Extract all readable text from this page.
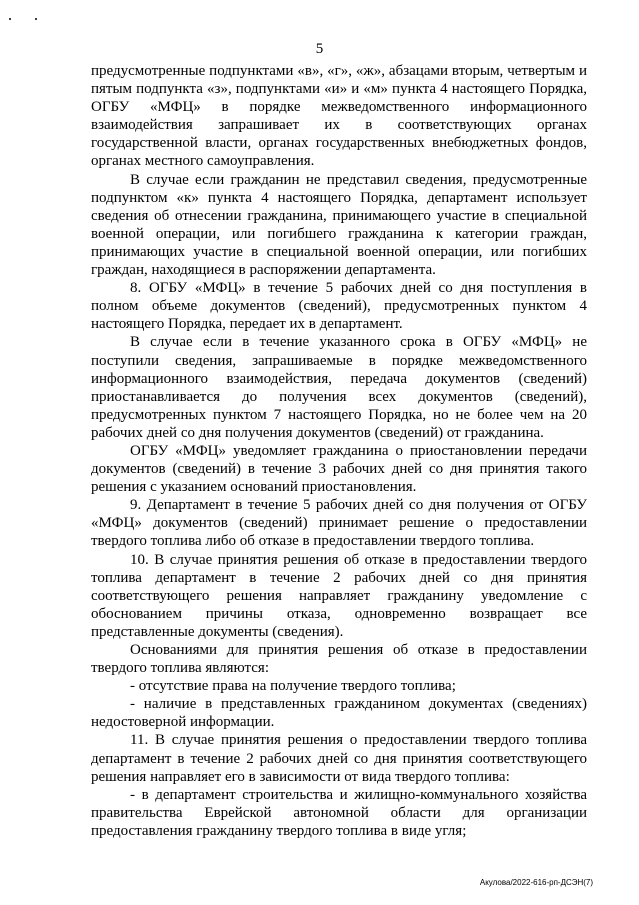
5

предусмотренные подпунктами «в», «г», «ж», абзацами вторым, четвертым и пятым подпункта «з», подпунктами «и» и «м» пункта 4 настоящего Порядка, ОГБУ «МФЦ» в порядке межведомственного информационного взаимодействия запрашивает их в соответствующих органах государственной власти, органах государственных внебюджетных фондов, органах местного самоуправления.

В случае если гражданин не представил сведения, предусмотренные подпунктом «к» пункта 4 настоящего Порядка, департамент использует сведения об отнесении гражданина, принимающего участие в специальной военной операции, или погибшего гражданина к категории граждан, принимающих участие в специальной военной операции, или погибших граждан, находящиеся в распоряжении департамента.

8. ОГБУ «МФЦ» в течение 5 рабочих дней со дня поступления в полном объеме документов (сведений), предусмотренных пунктом 4 настоящего Порядка, передает их в департамент.

В случае если в течение указанного срока в ОГБУ «МФЦ» не поступили сведения, запрашиваемые в порядке межведомственного информационного взаимодействия, передача документов (сведений) приостанавливается до получения всех документов (сведений), предусмотренных пунктом 7 настоящего Порядка, но не более чем на 20 рабочих дней со дня получения документов (сведений) от гражданина.

ОГБУ «МФЦ» уведомляет гражданина о приостановлении передачи документов (сведений) в течение 3 рабочих дней со дня принятия такого решения с указанием оснований приостановления.

9. Департамент в течение 5 рабочих дней со дня получения от ОГБУ «МФЦ» документов (сведений) принимает решение о предоставлении твердого топлива либо об отказе в предоставлении твердого топлива.

10. В случае принятия решения об отказе в предоставлении твердого топлива департамент в течение 2 рабочих дней со дня принятия соответствующего решения направляет гражданину уведомление с обоснованием причины отказа, одновременно возвращает все представленные документы (сведения).

Основаниями для принятия решения об отказе в предоставлении твердого топлива являются:

- отсутствие права на получение твердого топлива;

- наличие в представленных гражданином документах (сведениях) недостоверной информации.

11. В случае принятия решения о предоставлении твердого топлива департамент в течение 2 рабочих дней со дня принятия соответствующего решения направляет его в зависимости от вида твердого топлива:

- в департамент строительства и жилищно-коммунального хозяйства правительства Еврейской автономной области для организации предоставления гражданину твердого топлива в виде угля;

Акулова/2022-616-рп-ДСЭН(7)
